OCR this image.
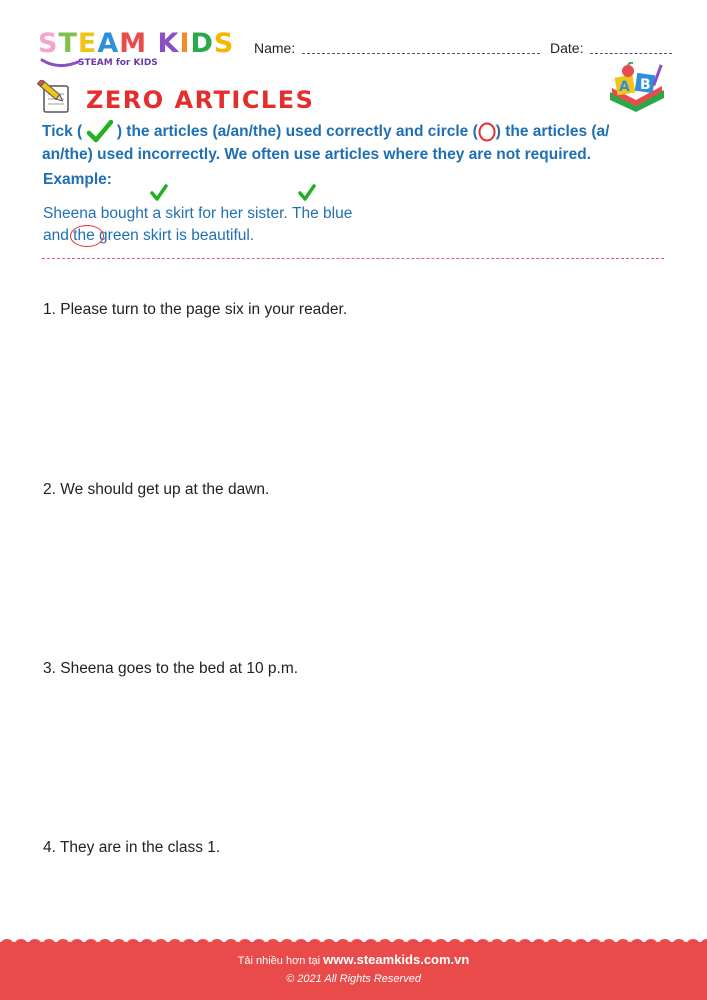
STEAM KIDS
STEAM for KIDS
Name:	Date:
ZERO ARTICLES	A B
Tick ( ) the articles (a/an/the) used correctly and circle ( ) the articles (a/
an/the) used incorrectly. We often use articles where they are not required.
Example:
Sheena bought
a skirt for her sister.
The blue
and
the green skirt is beautiful.
1. Please turn to the page six in your reader.
2. We should get up at the dawn.
3. Sheena goes to the bed at 10 p.m.
4. They are in the class 1.
Tải nhiều hơn tại www.steamkids.com.vn
© 2021 All Rights Reserved
